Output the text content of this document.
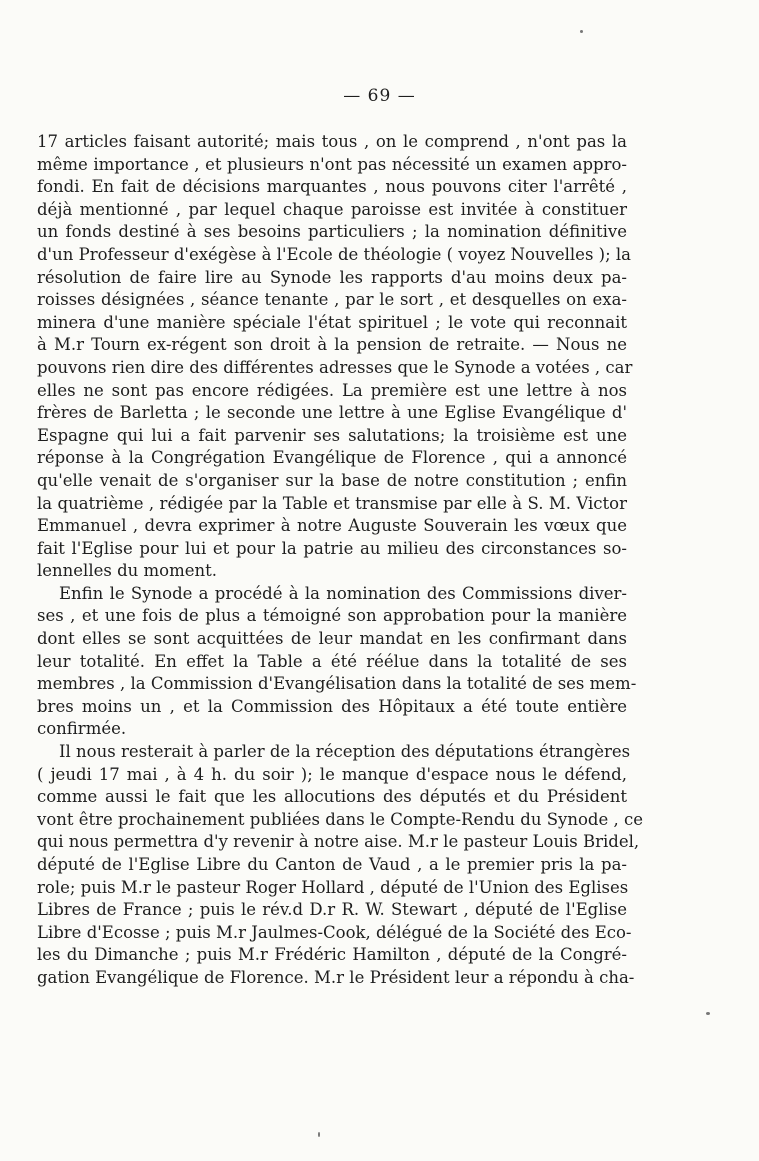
— 69 —
17 articles faisant autorité; mais tous , on le comprend , n'ont pas la
même importance , et plusieurs n'ont pas nécessité un examen appro-
fondi. En fait de décisions marquantes , nous pouvons citer l'arrêté ,
déjà mentionné , par lequel chaque paroisse est invitée à constituer
un fonds destiné à ses besoins particuliers ; la nomination définitive
d'un Professeur d'exégèse à l'Ecole de théologie ( voyez Nouvelles ); la
résolution de faire lire au Synode les rapports d'au moins deux pa-
roisses désignées , séance tenante , par le sort , et desquelles on exa-
minera d'une manière spéciale l'état spirituel ; le vote qui reconnait
à M.r Tourn ex-régent son droit à la pension de retraite. — Nous ne
pouvons rien dire des différentes adresses que le Synode a votées , car
elles ne sont pas encore rédigées. La première est une lettre à nos
frères de Barletta ; le seconde une lettre à une Eglise Evangélique d'
Espagne qui lui a fait parvenir ses salutations; la troisième est une
réponse à la Congrégation Evangélique de Florence , qui a annoncé
qu'elle venait de s'organiser sur la base de notre constitution ; enfin
la quatrième , rédigée par la Table et transmise par elle à S. M. Victor
Emmanuel , devra exprimer à notre Auguste Souverain les vœux que
fait l'Eglise pour lui et pour la patrie au milieu des circonstances so-
lennelles du moment.
Enfin le Synode a procédé à la nomination des Commissions diver-
ses , et une fois de plus a témoigné son approbation pour la manière
dont elles se sont acquittées de leur mandat en les confirmant dans
leur totalité. En effet la Table a été réélue dans la totalité de ses
membres , la Commission d'Evangélisation dans la totalité de ses mem-
bres moins un , et la Commission des Hôpitaux a été toute entière
confirmée.
Il nous resterait à parler de la réception des députations étrangères
( jeudi 17 mai , à 4 h. du soir ); le manque d'espace nous le défend,
comme aussi le fait que les allocutions des députés et du Président
vont être prochainement publiées dans le Compte-Rendu du Synode , ce
qui nous permettra d'y revenir à notre aise. M.r le pasteur Louis Bridel,
député de l'Eglise Libre du Canton de Vaud , a le premier pris la pa-
role; puis M.r le pasteur Roger Hollard , député de l'Union des Eglises
Libres de France ; puis le rév.d D.r R. W. Stewart , député de l'Eglise
Libre d'Ecosse ; puis M.r Jaulmes-Cook, délégué de la Société des Eco-
les du Dimanche ; puis M.r Frédéric Hamilton , député de la Congré-
gation Evangélique de Florence. M.r le Président leur a répondu à cha-
